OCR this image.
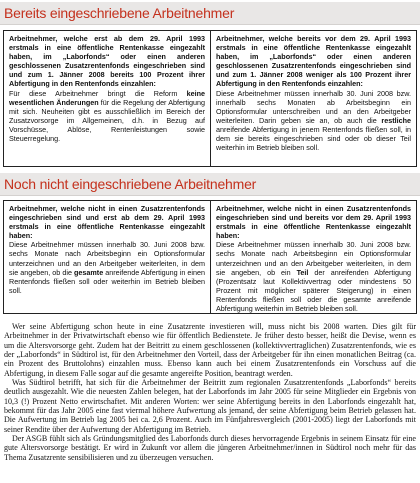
Bereits eingeschriebene Arbeitnehmer
Arbeitnehmer, welche erst ab dem 29. April 1993 erstmals in eine öffentliche Rentenkasse eingezahlt haben, im „Laborfonds“ oder einen anderen geschlossenen Zusatzrentenfonds eingeschrieben sind und zum 1. Jänner 2008 bereits 100 Prozent ihrer Abfertigung in den Rentenfonds einzahlen:
Für diese Arbeitnehmer bringt die Reform keine wesentlichen Änderungen für die Regelung der Abfertigung mit sich. Neuheiten gibt es ausschließlich im Bereich der Zusatzvorsorge im Allgemeinen, d.h. in Bezug auf Vorschüsse, Ablöse, Rentenleistungen sowie Steuerregelung.
Arbeitnehmer, welche bereits vor dem 29. April 1993 erstmals in eine öffentliche Rentenkasse eingezahlt haben, im „Laborfonds“ oder einen anderen geschlossenen Zusatzrentenfonds eingeschrieben sind und zum 1. Jänner 2008 weniger als 100 Prozent ihrer Abfertigung in den Rentenfonds einzahlen:
Diese Arbeitnehmer müssen innerhalb 30. Juni 2008 bzw. innerhalb sechs Monaten ab Arbeitsbeginn ein Optionsformular unterschreiben und an den Arbeitgeber weiterleiten. Darin geben sie an, ob auch die restliche anreifende Abfertigung in jenem Rentenfonds fließen soll, in dem sie bereits eingeschrieben sind oder ob dieser Teil weiterhin im Betrieb bleiben soll.
Noch nicht eingeschriebene Arbeitnehmer
Arbeitnehmer, welche nicht in einen Zusatzrentenfonds eingeschrieben sind und erst ab dem 29. April 1993 erstmals in eine öffentliche Rentenkasse eingezahlt haben:
Diese Arbeitnehmer müssen innerhalb 30. Juni 2008 bzw. sechs Monate nach Arbeitsbeginn ein Optionsformular unterzeichnen und an den Arbeitgeber weiterleiten, in dem sie angeben, ob die gesamte anreifende Abfertigung in einen Rentenfonds fließen soll oder weiterhin im Betrieb bleiben soll.
Arbeitnehmer, welche nicht in einen Zusatzrentenfonds eingeschrieben sind und bereits vor dem 29. April 1993 erstmals in eine öffentliche Rentenkasse eingezahlt haben:
Diese Arbeitnehmer müssen innerhalb 30. Juni 2008 bzw. sechs Monate nach Arbeitsbeginn ein Optionsformular unterzeichnen und an den Arbeitgeber weiterleiten, in dem sie angeben, ob ein Teil der anreifenden Abfertigung (Prozentsatz laut Kollektivvertrag oder mindestens 50 Prozent mit möglicher späterer Steigerung) in einen Rentenfonds fließen soll oder die gesamte anreifende Abfertigung weiterhin im Betrieb bleiben soll.

Wer seine Abfertigung schon heute in eine Zusatzrente investieren will, muss nicht bis 2008 warten. Dies gilt für Arbeitnehmer in der Privatwirtschaft ebenso wie für öffentlich Bedienstete. Je früher desto besser, heißt die Devise, wenn es um die Altersvorsorge geht. Zudem hat der Beitritt zu einem geschlossenen (kollektivvertraglichen) Zusatzrentenfonds, wie es der „Laborfonds“ in Südtirol ist, für den Arbeitnehmer den Vorteil, dass der Arbeitgeber für ihn einen monatlichen Beitrag (ca. ein Prozent des Bruttolohns) einzahlen muss. Ebenso kann auch bei einem Zusatzrentenfonds ein Vorschuss auf die Abfertigung, in diesem Falle sogar auf die gesamte angereifte Position, beantragt werden.

Was Südtirol betrifft, hat sich für die Arbeitnehmer der Beitritt zum regionalen Zusatzrentenfonds „Laborfonds“ bereits deutlich ausgezahlt. Wie die neuesten Zahlen belegen, hat der Laborfonds im Jahr 2005 für seine Mitglieder ein Ergebnis von 10,3 (!) Prozent Netto erwirtschaftet. Mit anderen Worten: wer seine Abfertigung bereits in den Laborfonds eingezahlt hat, bekommt für das Jahr 2005 eine fast viermal höhere Aufwertung als jemand, der seine Abfertigung beim Betrieb gelassen hat. Die Aufwertung im Betrieb lag 2005 bei ca. 2,6 Prozent. Auch im Fünfjahresvergleich (2001-2005) liegt der Laborfonds mit seiner Rendite über der Aufwertung der Abfertigung im Betrieb.

Der ASGB fühlt sich als Gründungsmitglied des Laborfonds durch dieses hervorragende Ergebnis in seinem Einsatz für eine gute Altersvorsorge bestätigt. Er wird in Zukunft vor allem die jüngeren Arbeitnehmer/innen in Südtirol noch mehr für das Thema Zusatzrente sensibilisieren und zu überzeugen versuchen.
